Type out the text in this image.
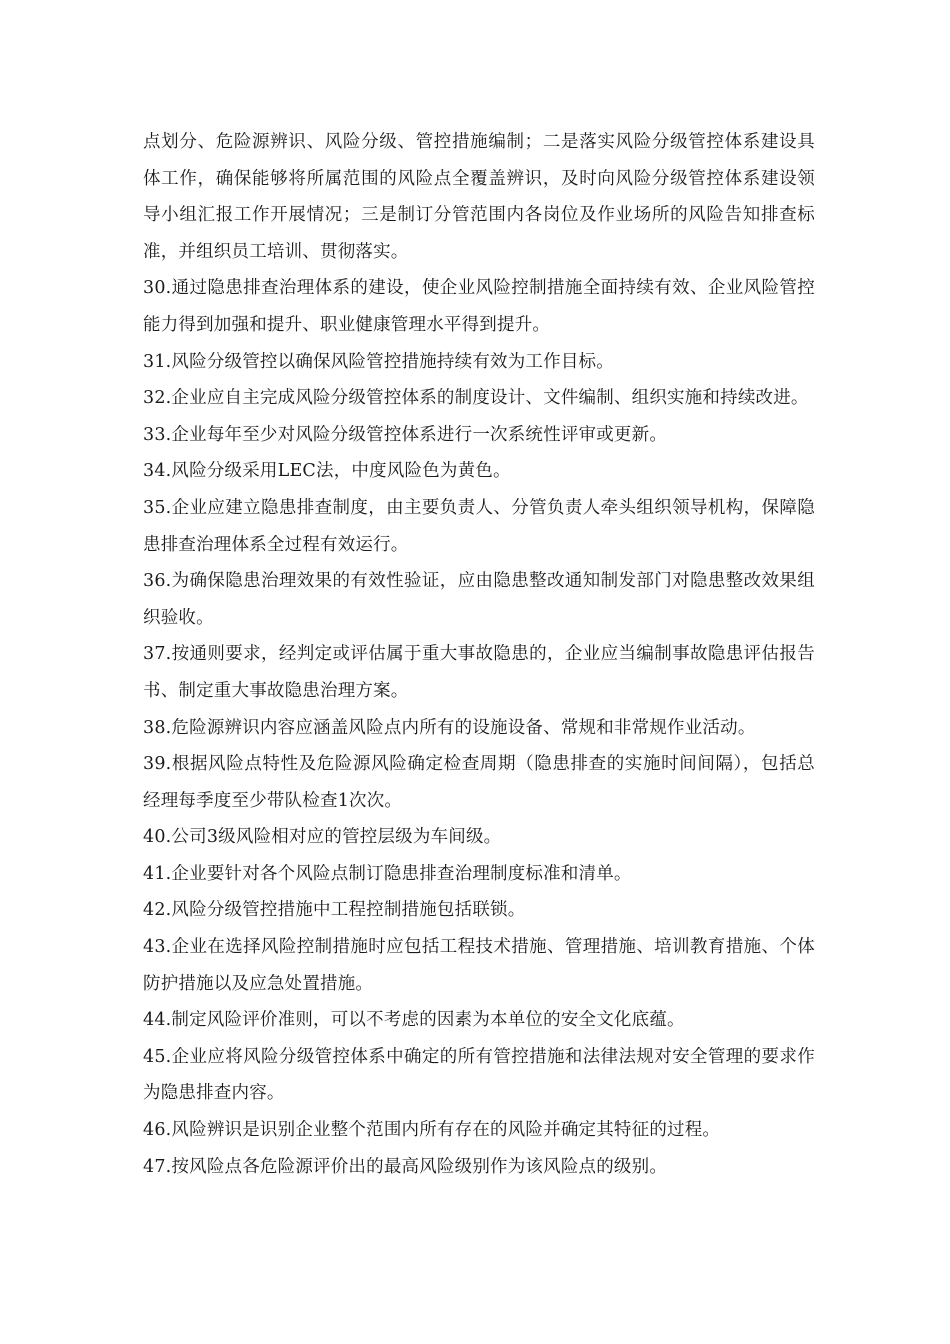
点划分、危险源辨识、风险分级、管控措施编制；二是落实风险分级管控体系建设具体工作，确保能够将所属范围的风险点全覆盖辨识，及时向风险分级管控体系建设领导小组汇报工作开展情况；三是制订分管范围内各岗位及作业场所的风险告知排查标准，并组织员工培训、贯彻落实。

30.通过隐患排查治理体系的建设，使企业风险控制措施全面持续有效、企业风险管控能力得到加强和提升、职业健康管理水平得到提升。

31.风险分级管控以确保风险管控措施持续有效为工作目标。

32.企业应自主完成风险分级管控体系的制度设计、文件编制、组织实施和持续改进。

33.企业每年至少对风险分级管控体系进行一次系统性评审或更新。

34.风险分级采用LEC法，中度风险色为黄色。

35.企业应建立隐患排查制度，由主要负责人、分管负责人牵头组织领导机构，保障隐患排查治理体系全过程有效运行。

36.为确保隐患治理效果的有效性验证，应由隐患整改通知制发部门对隐患整改效果组织验收。

37.按通则要求，经判定或评估属于重大事故隐患的，企业应当编制事故隐患评估报告书、制定重大事故隐患治理方案。

38.危险源辨识内容应涵盖风险点内所有的设施设备、常规和非常规作业活动。

39.根据风险点特性及危险源风险确定检查周期（隐患排查的实施时间间隔），包括总经理每季度至少带队检查1次次。

40.公司3级风险相对应的管控层级为车间级。

41.企业要针对各个风险点制订隐患排查治理制度标准和清单。

42.风险分级管控措施中工程控制措施包括联锁。

43.企业在选择风险控制措施时应包括工程技术措施、管理措施、培训教育措施、个体防护措施以及应急处置措施。

44.制定风险评价准则，可以不考虑的因素为本单位的安全文化底蕴。

45.企业应将风险分级管控体系中确定的所有管控措施和法律法规对安全管理的要求作为隐患排查内容。

46.风险辨识是识别企业整个范围内所有存在的风险并确定其特征的过程。

47.按风险点各危险源评价出的最高风险级别作为该风险点的级别。
